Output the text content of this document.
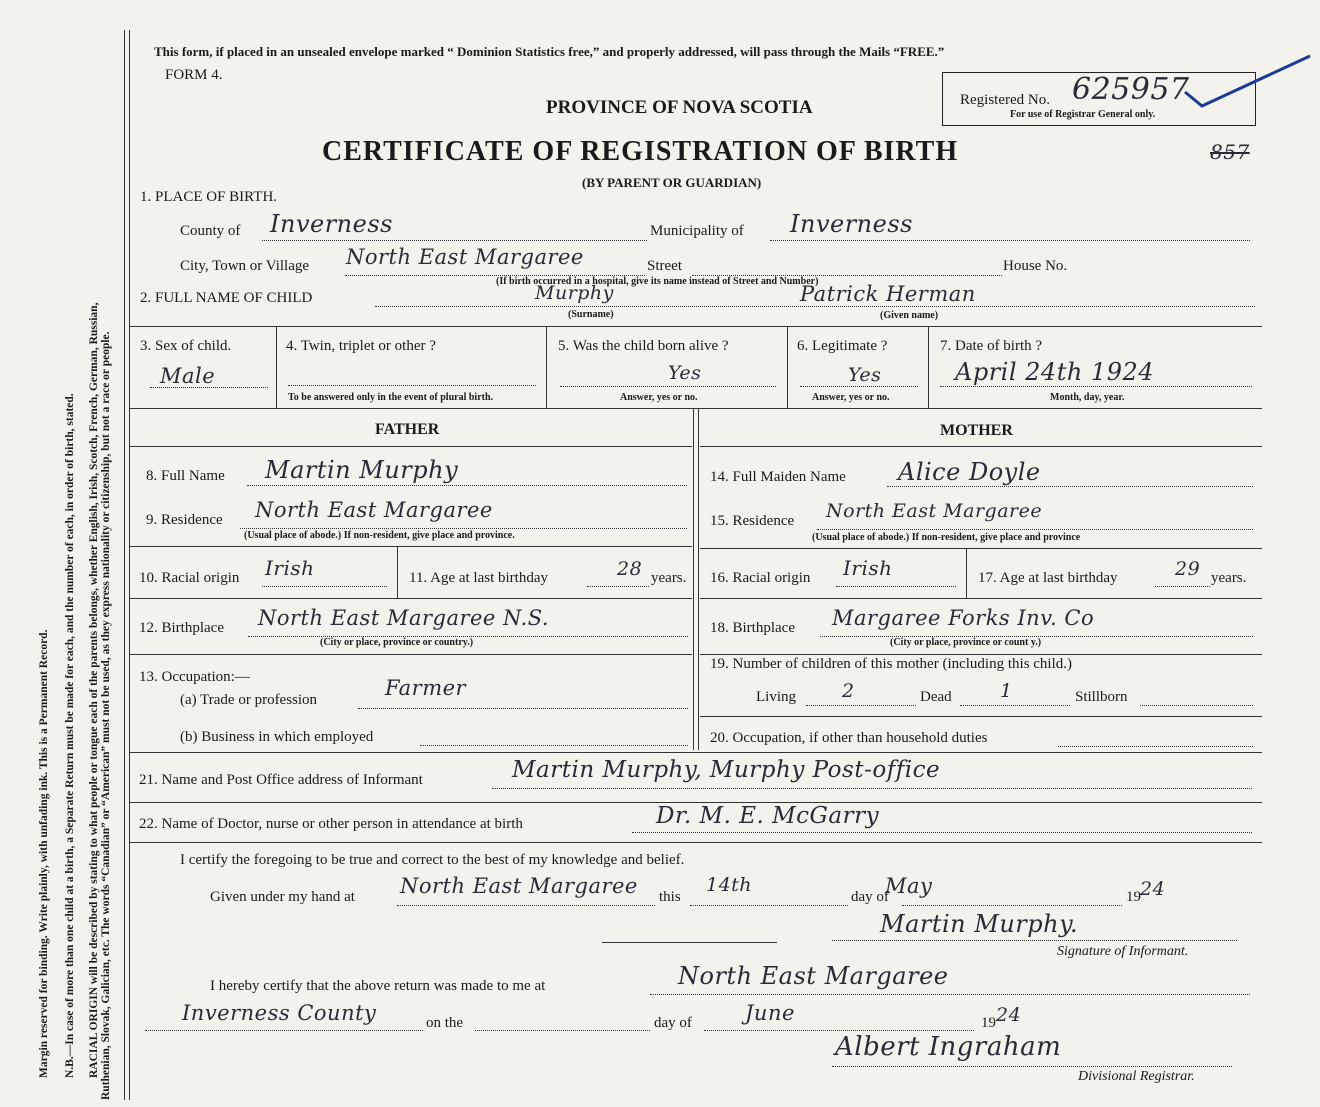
Margin reserved for binding. Write plainly, with unfading ink. This is a Permanent Record. N.B.—In case of more than one child at a birth, a Separate Return must be made for each, and the number of each, in order of birth, stated. RACIAL ORIGIN will be described by stating to what people or tongue each of the parents belongs, whether English, Irish, Scotch, French, German, Russian, Ruthenian, Slovak, Galician, etc. The words “Canadian” or “American” must not be used, as they express nationality or citizenship, but not a race or people.
This form, if placed in an unsealed envelope marked “ Dominion Statistics free,” and properly addressed, will pass through the Mails “FREE.”
FORM 4.
PROVINCE OF NOVA SCOTIA
CERTIFICATE OF REGISTRATION OF BIRTH
(BY PARENT OR GUARDIAN)
Registered No. 625957
For use of Registrar General only.
857
1. PLACE OF BIRTH.
County of Inverness	Municipality of Inverness
City, Town or Village North East Margaree	Street	House No.
(If birth occurred in a hospital, give its name instead of Street and Number)
2. FULL NAME OF CHILD	Murphy
(Surname)
Patrick Herman
(Given name)
3. Sex of child.
Male
4. Twin, triplet or other ?
To be answered only in the event of plural birth.
5. Was the child born alive ?
Yes
Answer, yes or no.
6. Legitimate ?
Yes
Answer, yes or no.
7. Date of birth ?
April 24th 1924
Month, day, year.
FATHER	MOTHER
8. Full Name Martin Murphy
9. Residence North East Margaree
(Usual place of abode.) If non-resident, give place and province.
10. Racial origin Irish	11. Age at last birthday	28 years.
12. Birthplace North East Margaree N.S.
(City or place, province or country.)
13. Occupation:—
(a) Trade or profession	Farmer
(b) Business in which employed
14. Full Maiden Name Alice Doyle
15. Residence North East Margaree
(Usual place of abode.) If non-resident, give place and province
16. Racial origin Irish	17. Age at last birthday	29 years.
18. Birthplace Margaree Forks Inv. Co
(City or place, province or count y.)
19. Number of children of this mother (including this child.)
Living 2	Dead	1	Stillborn
20. Occupation, if other than household duties
21. Name and Post Office address of Informant	Martin Murphy, Murphy Post-office
22. Name of Doctor, nurse or other person in attendance at birth	Dr. M. E. McGarry
I certify the foregoing to be true and correct to the best of my knowledge and belief.
Given under my hand at North East Margaree this
14th
day of
May	19 24
Martin Murphy.
Signature of Informant.
I hereby certify that the above return was made to me at	North East Margaree
Inverness County	on the	day of	June	19 24
Albert Ingraham
Divisional Registrar.
